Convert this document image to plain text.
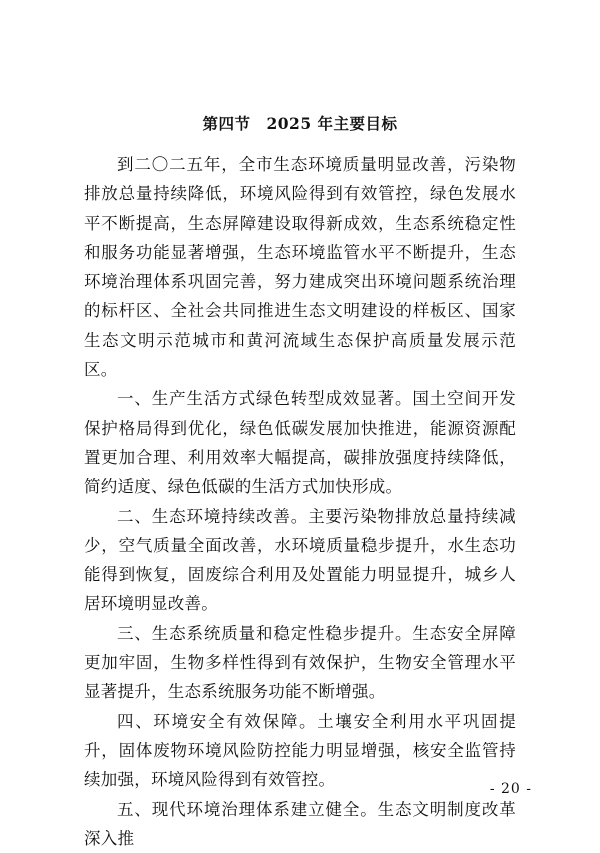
第四节　2025 年主要目标

到二〇二五年，全市生态环境质量明显改善，污染物排放总量持续降低，环境风险得到有效管控，绿色发展水平不断提高，生态屏障建设取得新成效，生态系统稳定性和服务功能显著增强，生态环境监管水平不断提升，生态环境治理体系巩固完善，努力建成突出环境问题系统治理的标杆区、全社会共同推进生态文明建设的样板区、国家生态文明示范城市和黄河流域生态保护高质量发展示范区。

一、生产生活方式绿色转型成效显著。国土空间开发保护格局得到优化，绿色低碳发展加快推进，能源资源配置更加合理、利用效率大幅提高，碳排放强度持续降低，简约适度、绿色低碳的生活方式加快形成。

二、生态环境持续改善。主要污染物排放总量持续减少，空气质量全面改善，水环境质量稳步提升，水生态功能得到恢复，固废综合利用及处置能力明显提升，城乡人居环境明显改善。

三、生态系统质量和稳定性稳步提升。生态安全屏障更加牢固，生物多样性得到有效保护，生物安全管理水平显著提升，生态系统服务功能不断增强。

四、环境安全有效保障。土壤安全利用水平巩固提升，固体废物环境风险防控能力明显增强，核安全监管持续加强，环境风险得到有效管控。

五、现代环境治理体系建立健全。生态文明制度改革深入推

- 20 -
